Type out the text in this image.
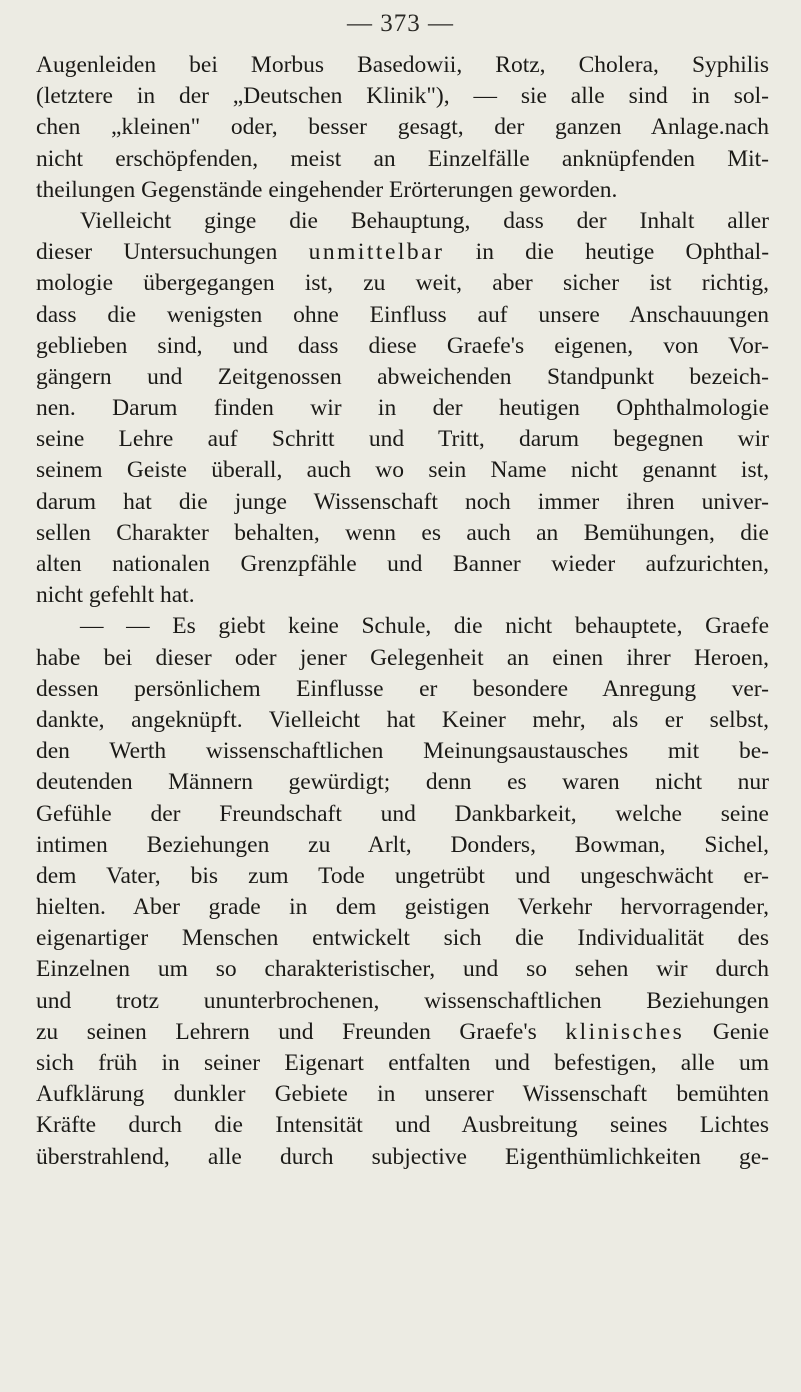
— 373 —
Augenleiden bei Morbus Basedowii, Rotz, Cholera, Syphilis
(letztere in der „Deutschen Klinik"), — sie alle sind in sol-
chen „kleinen" oder, besser gesagt, der ganzen Anlage.nach
nicht erschöpfenden, meist an Einzelfälle anknüpfenden Mit-
theilungen Gegenstände eingehender Erörterungen geworden.
Vielleicht ginge die Behauptung, dass der Inhalt aller
dieser Untersuchungen unmittelbar in die heutige Ophthal-
mologie übergegangen ist, zu weit, aber sicher ist richtig,
dass die wenigsten ohne Einfluss auf unsere Anschauungen
geblieben sind, und dass diese Graefe's eigenen, von Vor-
gängern und Zeitgenossen abweichenden Standpunkt bezeich-
nen. Darum finden wir in der heutigen Ophthalmologie
seine Lehre auf Schritt und Tritt, darum begegnen wir
seinem Geiste überall, auch wo sein Name nicht genannt ist,
darum hat die junge Wissenschaft noch immer ihren univer-
sellen Charakter behalten, wenn es auch an Bemühungen, die
alten nationalen Grenzpfähle und Banner wieder aufzurichten,
nicht gefehlt hat.
— — Es giebt keine Schule, die nicht behauptete, Graefe
habe bei dieser oder jener Gelegenheit an einen ihrer Heroen,
dessen persönlichem Einflusse er besondere Anregung ver-
dankte, angeknüpft. Vielleicht hat Keiner mehr, als er selbst,
den Werth wissenschaftlichen Meinungsaustausches mit be-
deutenden Männern gewürdigt; denn es waren nicht nur
Gefühle der Freundschaft und Dankbarkeit, welche seine
intimen Beziehungen zu Arlt, Donders, Bowman, Sichel,
dem Vater, bis zum Tode ungetrübt und ungeschwächt er-
hielten. Aber grade in dem geistigen Verkehr hervorragender,
eigenartiger Menschen entwickelt sich die Individualität des
Einzelnen um so charakteristischer, und so sehen wir durch
und trotz ununterbrochenen, wissenschaftlichen Beziehungen
zu seinen Lehrern und Freunden Graefe's klinisches Genie
sich früh in seiner Eigenart entfalten und befestigen, alle um
Aufklärung dunkler Gebiete in unserer Wissenschaft bemühten
Kräfte durch die Intensität und Ausbreitung seines Lichtes
überstrahlend, alle durch subjective Eigenthümlichkeiten ge-
